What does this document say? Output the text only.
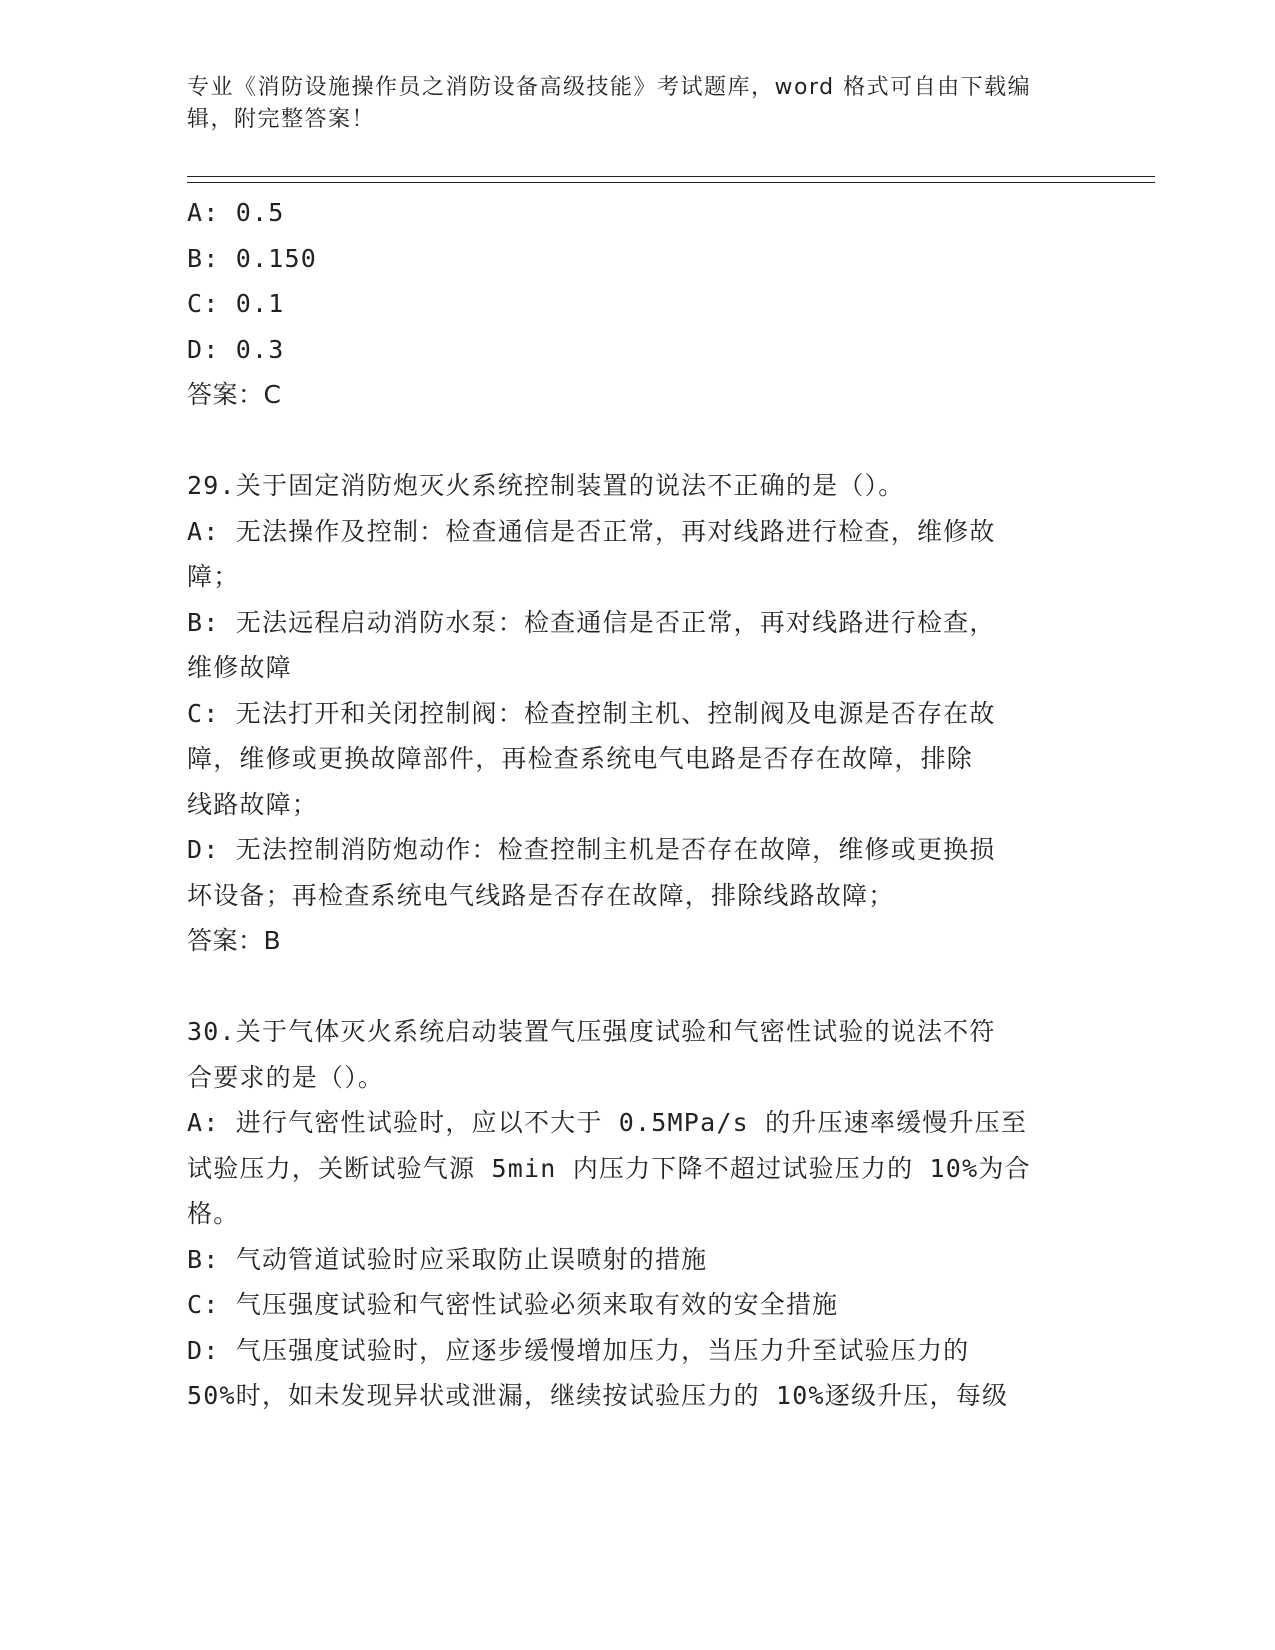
专业《消防设施操作员之消防设备高级技能》考试题库，word 格式可自由下载编
辑，附完整答案！
A: 0.5
B: 0.150
C: 0.1
D: 0.3
答案：C
29.关于固定消防炮灭火系统控制装置的说法不正确的是（）。
A: 无法操作及控制：检查通信是否正常，再对线路进行检查，维修故
障；
B: 无法远程启动消防水泵：检查通信是否正常，再对线路进行检查，
维修故障
C: 无法打开和关闭控制阀：检查控制主机、控制阀及电源是否存在故
障，维修或更换故障部件，再检查系统电气电路是否存在故障，排除
线路故障；
D: 无法控制消防炮动作：检查控制主机是否存在故障，维修或更换损
坏设备；再检查系统电气线路是否存在故障，排除线路故障；
答案：B
30.关于气体灭火系统启动装置气压强度试验和气密性试验的说法不符
合要求的是（）。
A: 进行气密性试验时，应以不大于 0.5MPa/s 的升压速率缓慢升压至
试验压力，关断试验气源 5min 内压力下降不超过试验压力的 10%为合
格。
B: 气动管道试验时应采取防止误喷射的措施
C: 气压强度试验和气密性试验必须来取有效的安全措施
D: 气压强度试验时，应逐步缓慢增加压力，当压力升至试验压力的
50%时，如未发现异状或泄漏，继续按试验压力的 10%逐级升压，每级
